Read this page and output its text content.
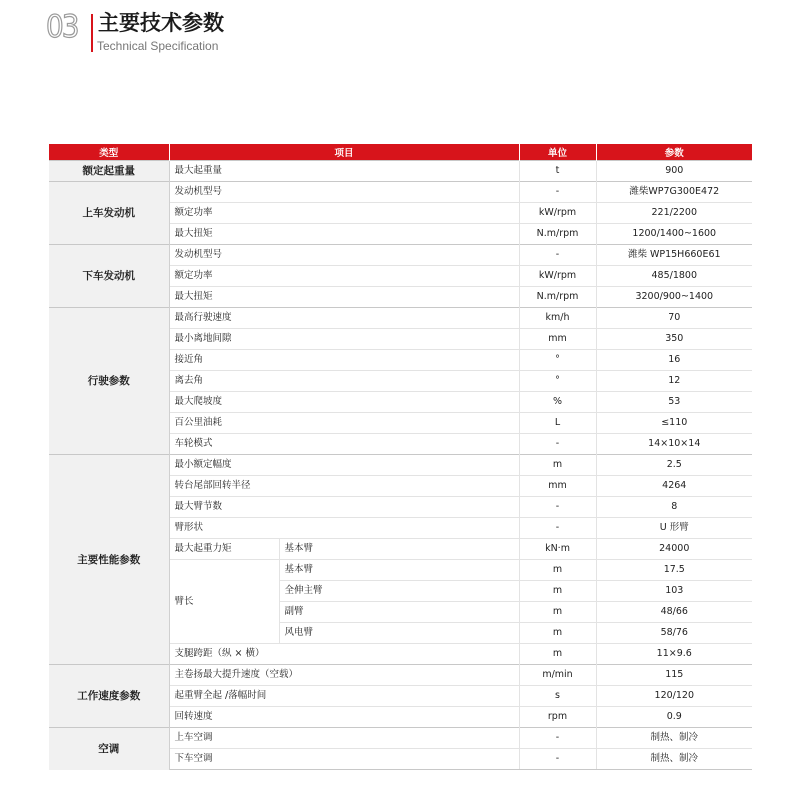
03 主要技术参数
Technical Specification
类型	项目		单位	参数
额定起重量	最大起重量		t	900
上车发动机	发动机型号		-	潍柴WP7G300E472
	额定功率		kW/rpm	221/2200
	最大扭矩		N.m/rpm	1200/1400~1600
下车发动机	发动机型号		-	潍柴 WP15H660E61
	额定功率		kW/rpm	485/1800
	最大扭矩		N.m/rpm	3200/900~1400
行驶参数	最高行驶速度		km/h	70
	最小离地间隙		mm	350
	接近角		°	16
	离去角		°	12
	最大爬坡度		%	53
	百公里油耗		L	≤110
	车轮模式		-	14×10×14
主要性能参数	最小额定幅度		m	2.5
	转台尾部回转半径		mm	4264
	最大臂节数		-	8
	臂形状		-	U 形臂
	最大起重力矩	基本臂	kN·m	24000
	臂长	基本臂	m	17.5
		全伸主臂	m	103
		副臂	m	48/66
		风电臂	m	58/76
	支腿跨距（纵 × 横）		m	11×9.6
工作速度参数	主卷扬最大提升速度（空载）		m/min	115
	起重臂全起 /落幅时间		s	120/120
	回转速度		rpm	0.9
空调	上车空调		-	制热、制冷
	下车空调		-	制热、制冷
